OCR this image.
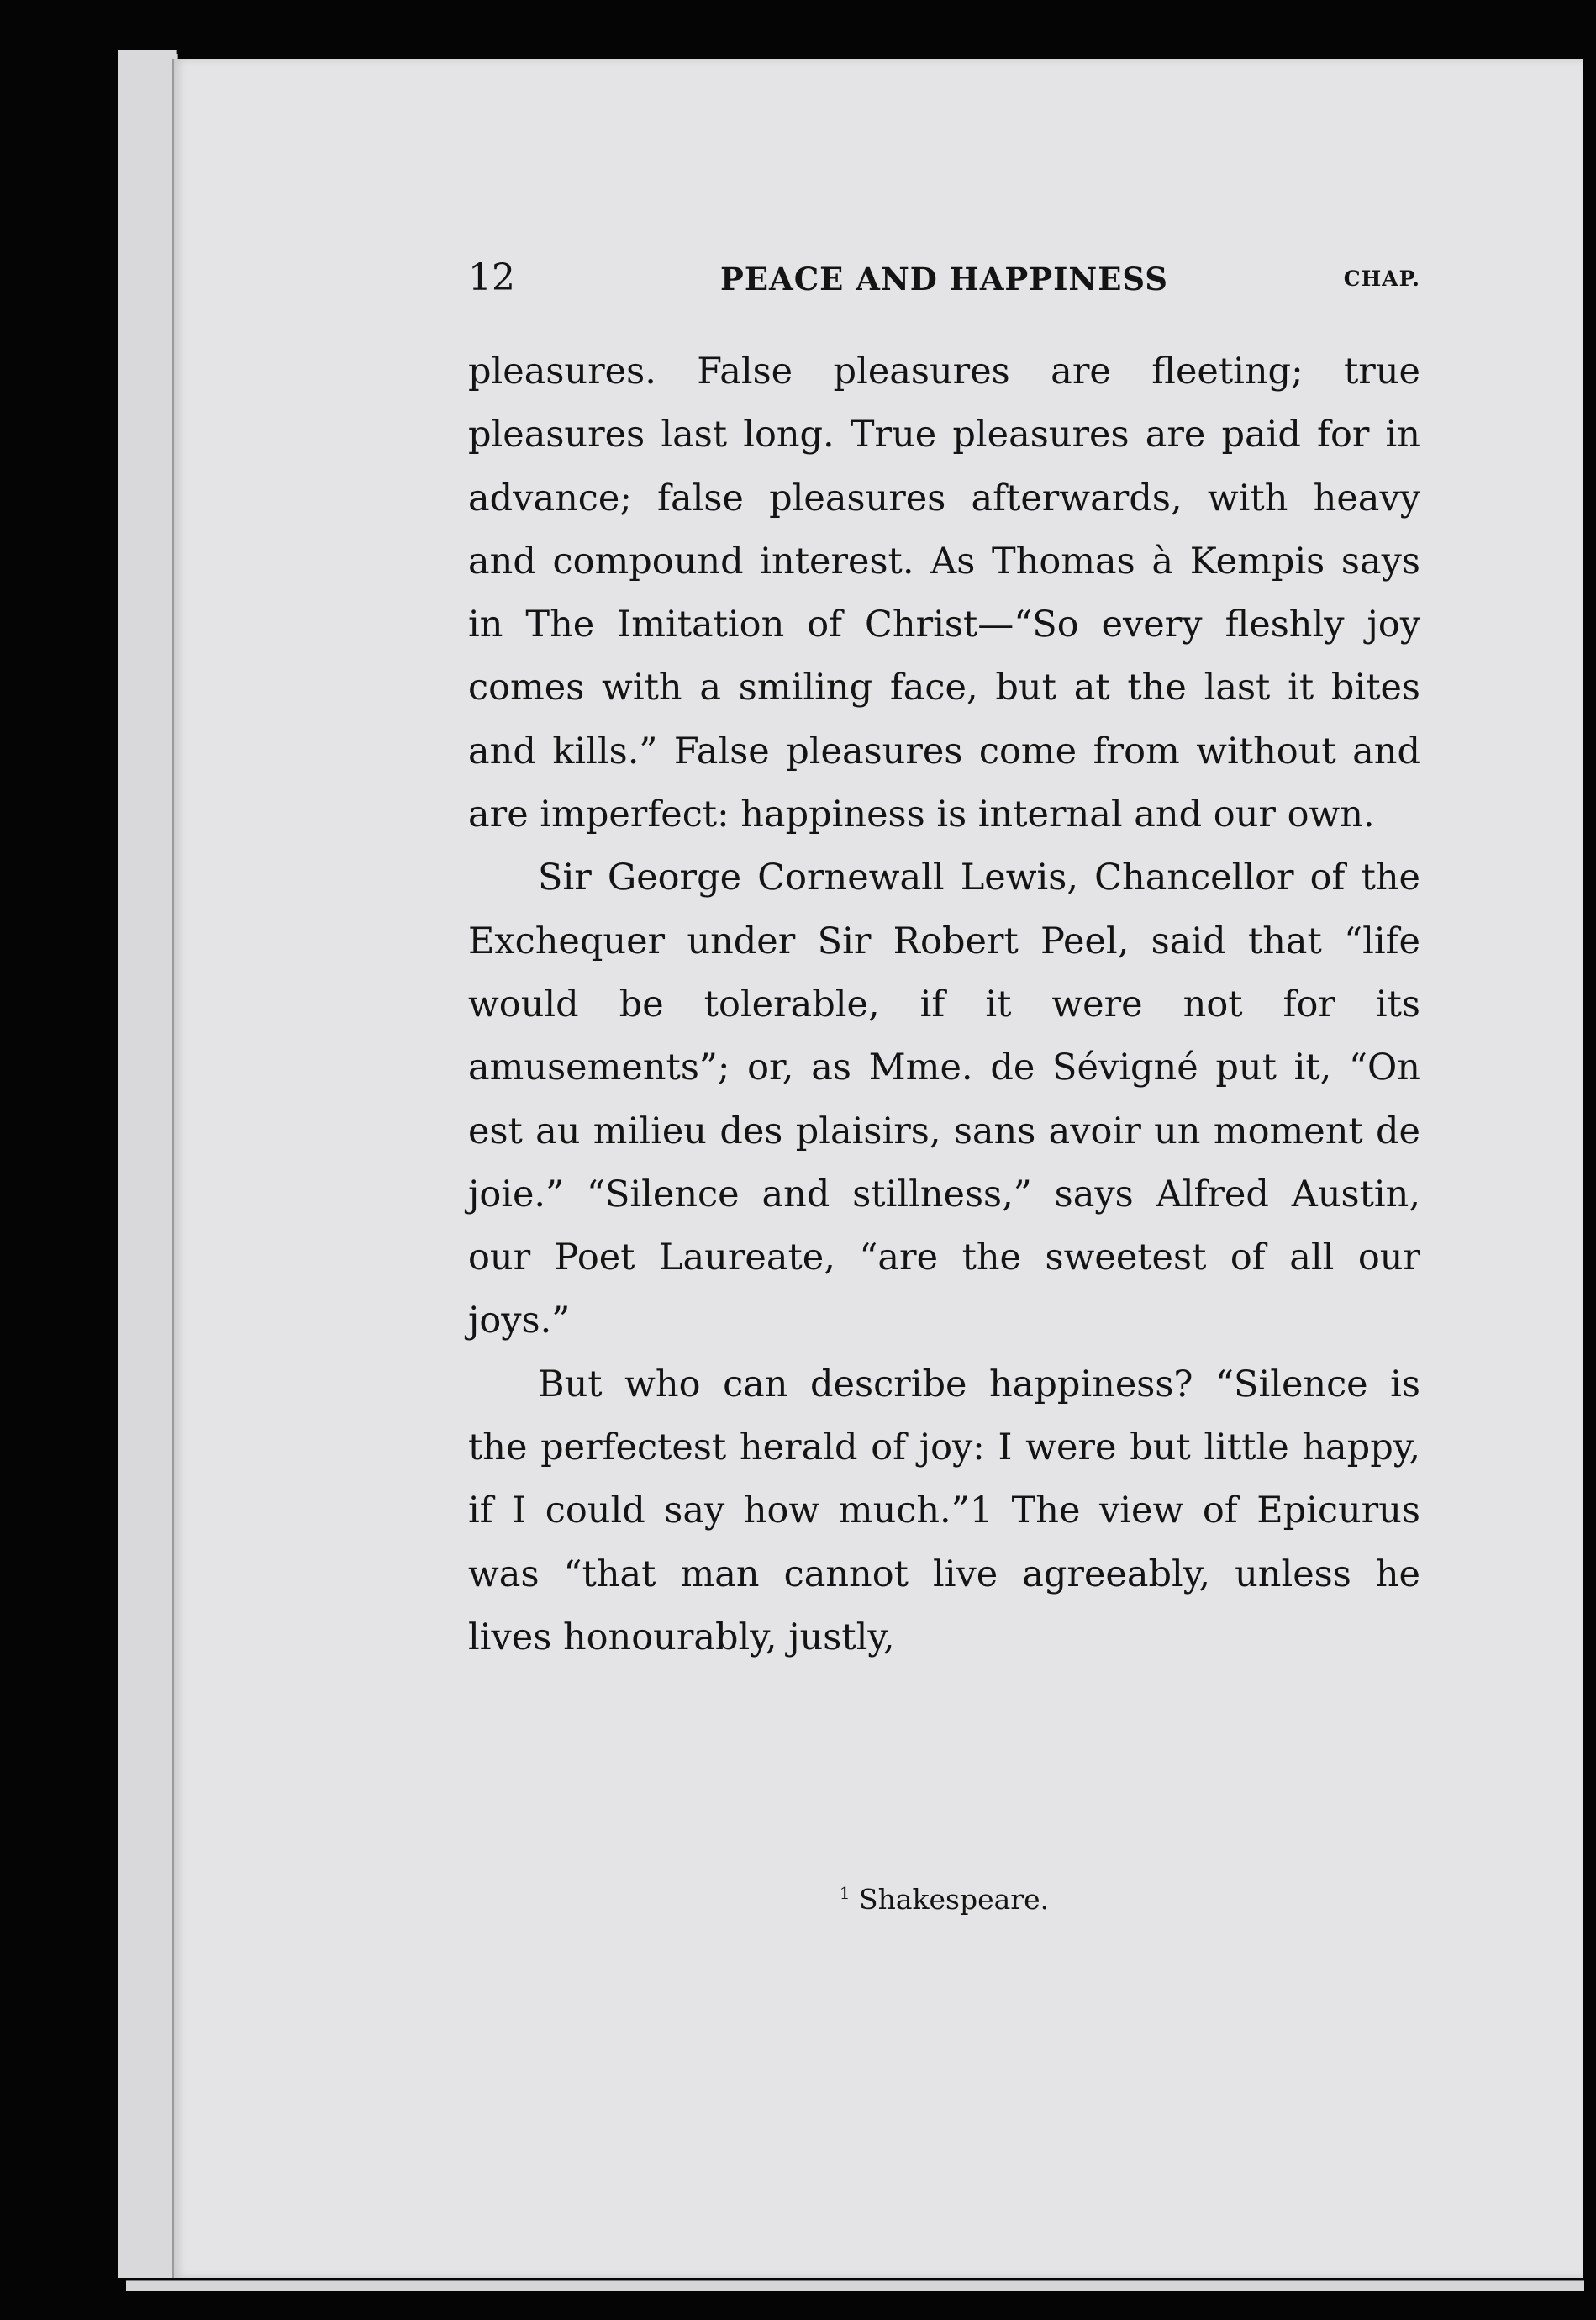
12	PEACE AND HAPPINESS	CHAP.

pleasures. False pleasures are fleeting; true pleasures last long. True pleasures are paid for in advance; false pleasures afterwards, with heavy and compound interest. As Thomas à Kempis says in The Imitation of Christ—“So every fleshly joy comes with a smiling face, but at the last it bites and kills.” False pleasures come from without and are imperfect: happiness is internal and our own.

Sir George Cornewall Lewis, Chancellor of the Exchequer under Sir Robert Peel, said that “life would be tolerable, if it were not for its amusements”; or, as Mme. de Sévigné put it, “On est au milieu des plaisirs, sans avoir un moment de joie.” “Silence and stillness,” says Alfred Austin, our Poet Laureate, “are the sweetest of all our joys.”

But who can describe happiness? “Silence is the perfectest herald of joy: I were but little happy, if I could say how much.”1 The view of Epicurus was “that man cannot live agreeably, unless he lives honourably, justly,

$^1$ Shakespeare.
